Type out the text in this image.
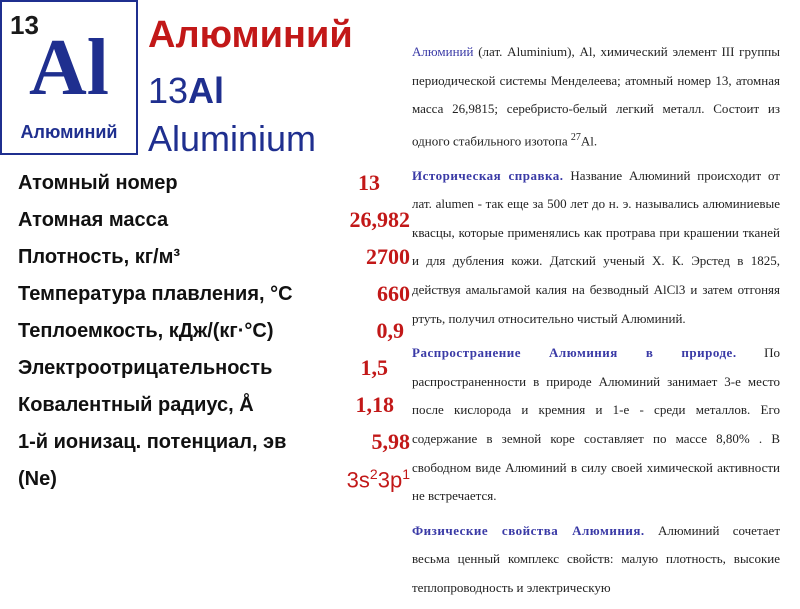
13
Al
Алюминий
Алюминий
13Al
Aluminium
Атомный номер	13
Атомная масса	26,982
Плотность, кг/м³	2700
Температура плавления, °С	660
Теплоемкость, кДж/(кг·°С)	0,9
Электроотрицательность	1,5
Ковалентный радиус, Å	1,18
1-й ионизац. потенциал, эв	5,98
(Ne)	$3s^23p^1$

Алюминий (лат. Aluminium), Al, химический элемент III группы периодической системы Менделеева; атомный номер 13, атомная масса 26,9815; серебристо-белый легкий металл. Состоит из одного стабильного изотопа $^{27}$Al.

Историческая справка. Название Алюминий происходит от лат. alumen - так еще за 500 лет до н. э. назывались алюминиевые квасцы, которые применялись как протрава при крашении тканей и для дубления кожи. Датский ученый X. К. Эрстед в 1825, действуя амальгамой калия на безводный AlCl3 и затем отгоняя ртуть, получил относительно чистый Алюминий.

Распространение Алюминия в природе. По распространенности в природе Алюминий занимает 3-е место после кислорода и кремния и 1-е - среди металлов. Его содержание в земной коре составляет по массе 8,80% . В свободном виде Алюминий в силу своей химической активности не встречается.

Физические свойства Алюминия. Алюминий сочетает весьма ценный комплекс свойств: малую плотность, высокие теплопроводность и электрическую
